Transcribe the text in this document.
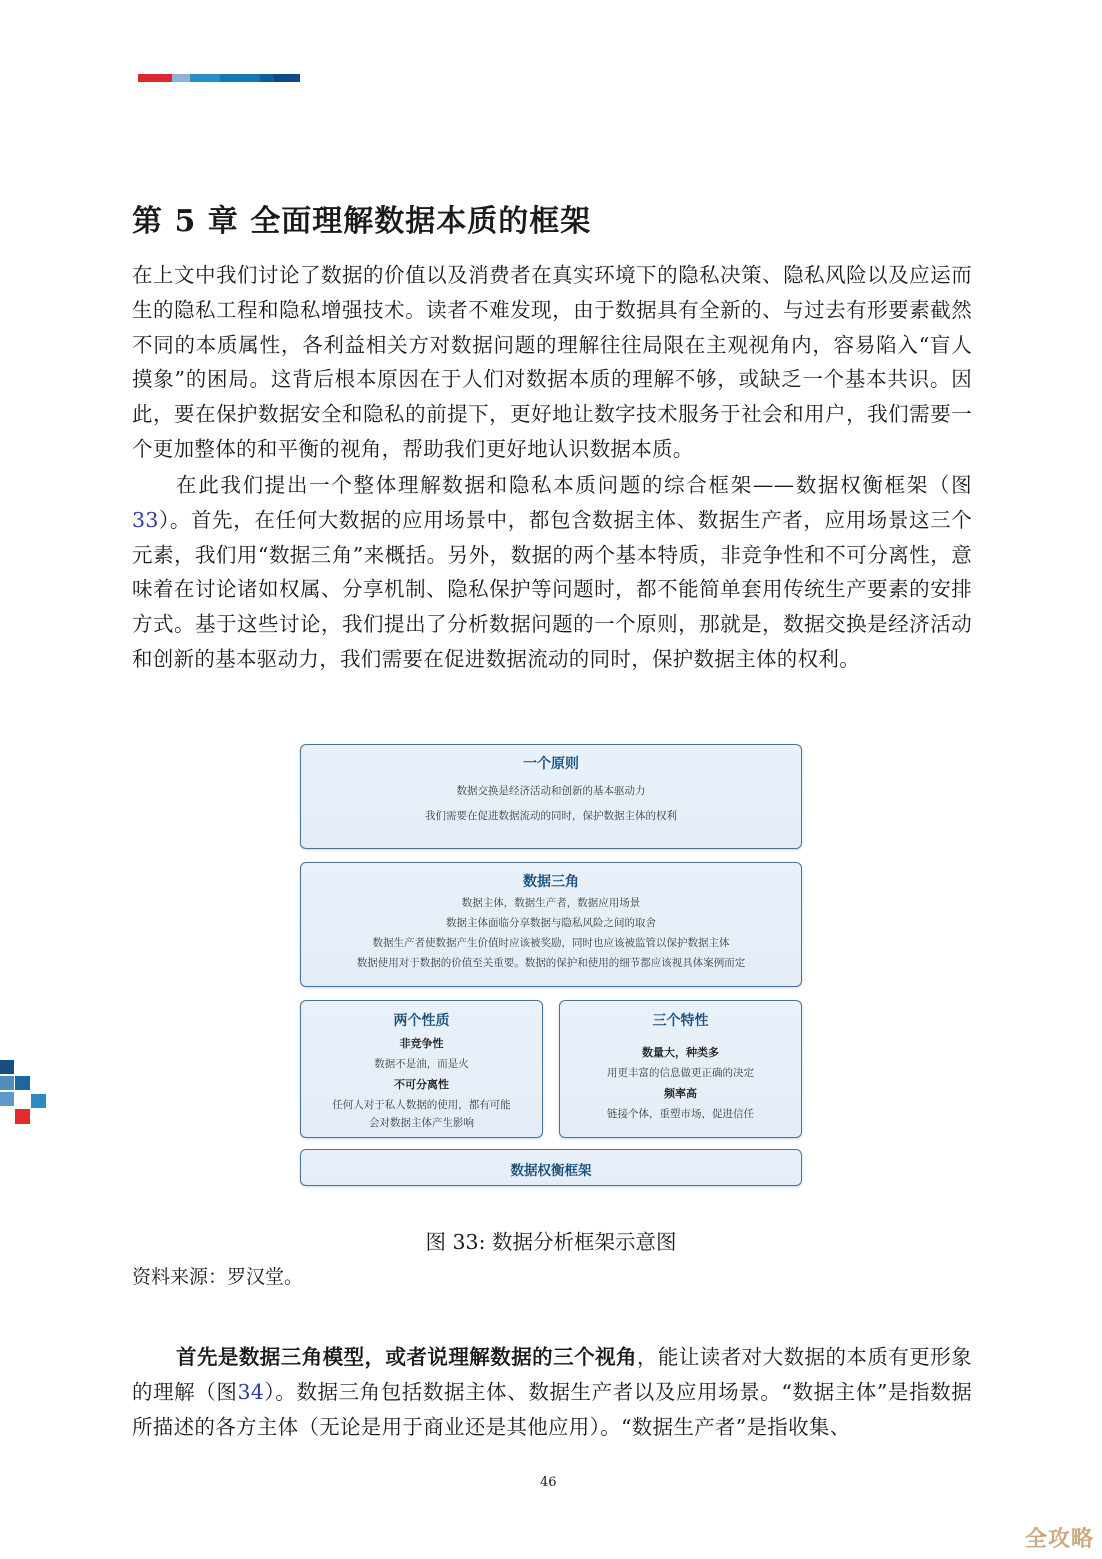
第 5 章 全面理解数据本质的框架

在上文中我们讨论了数据的价值以及消费者在真实环境下的隐私决策、隐私风险以及应运而生的隐私工程和隐私增强技术。读者不难发现，由于数据具有全新的、与过去有形要素截然不同的本质属性，各利益相关方对数据问题的理解往往局限在主观视角内，容易陷入“盲人摸象”的困局。这背后根本原因在于人们对数据本质的理解不够，或缺乏一个基本共识。因此，要在保护数据安全和隐私的前提下，更好地让数字技术服务于社会和用户，我们需要一个更加整体的和平衡的视角，帮助我们更好地认识数据本质。

在此我们提出一个整体理解数据和隐私本质问题的综合框架——数据权衡框架（图33）。首先，在任何大数据的应用场景中，都包含数据主体、数据生产者，应用场景这三个元素，我们用“数据三角”来概括。另外，数据的两个基本特质，非竞争性和不可分离性，意味着在讨论诸如权属、分享机制、隐私保护等问题时，都不能简单套用传统生产要素的安排方式。基于这些讨论，我们提出了分析数据问题的一个原则，那就是，数据交换是经济活动和创新的基本驱动力，我们需要在促进数据流动的同时，保护数据主体的权利。

一个原则
数据交换是经济活动和创新的基本驱动力
我们需要在促进数据流动的同时，保护数据主体的权利
数据三角
数据主体，数据生产者，数据应用场景
数据主体面临分享数据与隐私风险之间的取舍
数据生产者使数据产生价值时应该被奖励，同时也应该被监管以保护数据主体
数据使用对于数据的价值至关重要。数据的保护和使用的细节都应该视具体案例而定
两个性质
非竞争性
数据不是油，而是火
不可分离性
任何人对于私人数据的使用，都有可能
会对数据主体产生影响
三个特性
数量大，种类多
用更丰富的信息做更正确的决定
频率高
链接个体，重塑市场，促进信任
数据权衡框架

图 33: 数据分析框架示意图

资料来源：罗汉堂。

首先是数据三角模型，或者说理解数据的三个视角，能让读者对大数据的本质有更形象的理解（图34）。数据三角包括数据主体、数据生产者以及应用场景。“数据主体”是指数据所描述的各方主体（无论是用于商业还是其他应用）。“数据生产者”是指收集、

46
全攻略
